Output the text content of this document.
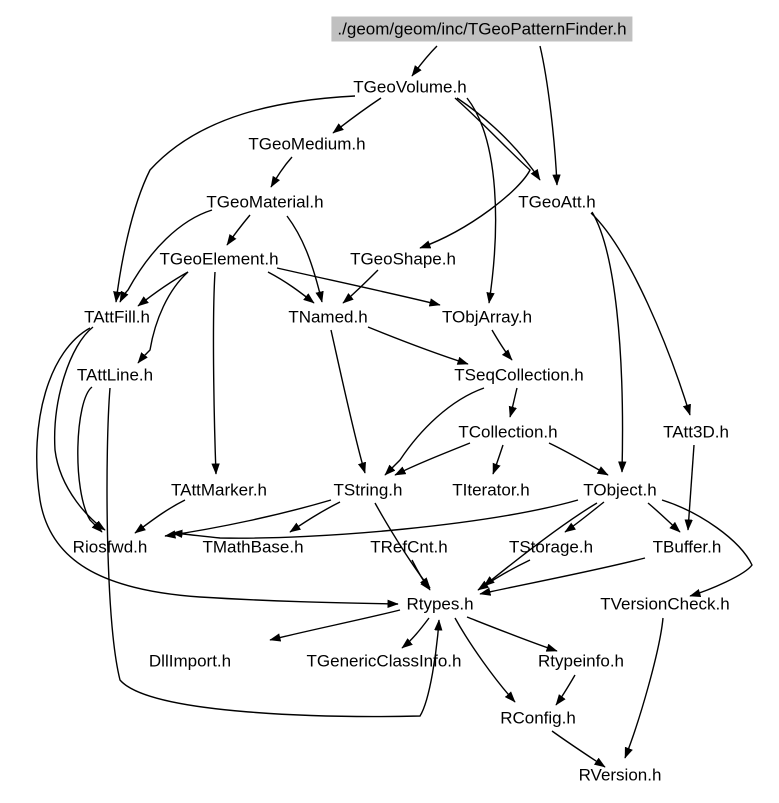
./geom/geom/inc/TGeoPatternFinder.h
TGeoVolume.h
TGeoMedium.h
TGeoMaterial.h	TGeoAtt.h
TGeoElement.h	TGeoShape.h
TAttFill.h	TNamed.h	TObjArray.h
TAttLine.h	TSeqCollection.h
TCollection.h	TAtt3D.h
TAttMarker.h	TString.h	TIterator.h	TObject.h
Riosfwd.h	TMathBase.h	TRefCnt.h	TStorage.h	TBuffer.h
Rtypes.h	TVersionCheck.h
DllImport.h	TGenericClassInfo.h	Rtypeinfo.h
RConfig.h
RVersion.h
